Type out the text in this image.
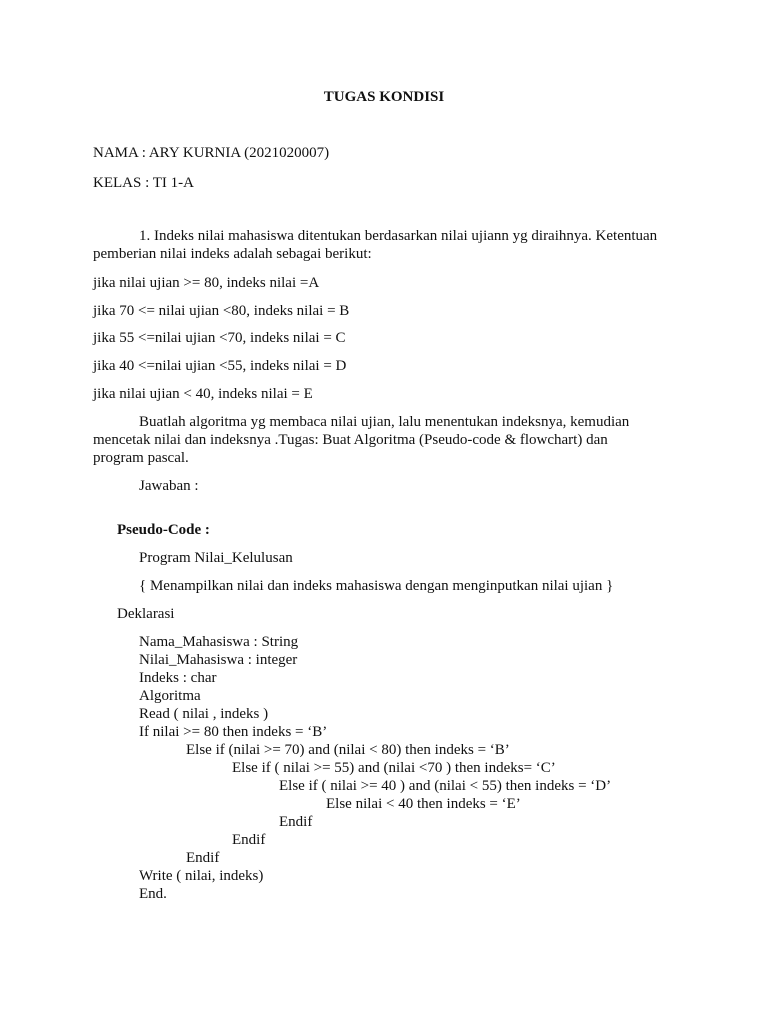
TUGAS KONDISI
NAMA : ARY KURNIA (2021020007)
KELAS : TI 1-A
1. Indeks nilai mahasiswa ditentukan berdasarkan nilai ujiann yg diraihnya. Ketentuan
pemberian nilai indeks adalah sebagai berikut:
jika nilai ujian >= 80, indeks nilai =A
jika 70 <= nilai ujian <80, indeks nilai = B
jika 55 <=nilai ujian <70, indeks nilai = C
jika 40 <=nilai ujian <55, indeks nilai = D
jika nilai ujian < 40, indeks nilai = E
Buatlah algoritma yg membaca nilai ujian, lalu menentukan indeksnya, kemudian
mencetak nilai dan indeksnya .Tugas: Buat Algoritma (Pseudo-code & flowchart) dan
program pascal.
Jawaban :
Pseudo-Code :
Program Nilai_Kelulusan
{ Menampilkan nilai dan indeks mahasiswa dengan menginputkan nilai ujian }
Deklarasi
Nama_Mahasiswa : String
Nilai_Mahasiswa : integer
Indeks : char
Algoritma
Read ( nilai , indeks )
If nilai >= 80 then indeks = ‘B’
Else if (nilai >= 70) and (nilai < 80) then indeks = ‘B’
Else if ( nilai >= 55) and (nilai <70 ) then indeks= ‘C’
Else if ( nilai >= 40 ) and (nilai < 55) then indeks = ‘D’
Else nilai < 40 then indeks = ‘E’
Endif
Endif
Endif
Write ( nilai, indeks)
End.
